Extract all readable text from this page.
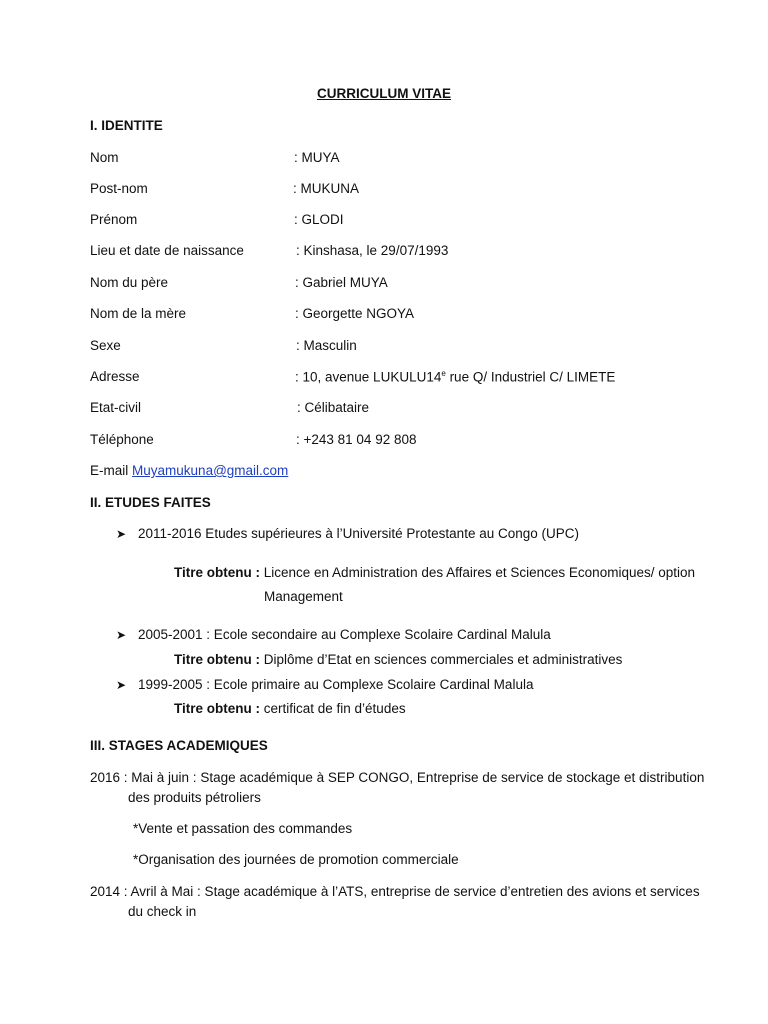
CURRICULUM VITAE
I. IDENTITE
Nom	: MUYA
Post-nom	: MUKUNA
Prénom	: GLODI
Lieu et date de naissance	: Kinshasa, le 29/07/1993
Nom du père	: Gabriel MUYA
Nom de la mère	: Georgette NGOYA
Sexe	: Masculin
Adresse	: 10, avenue LUKULU14e rue Q/ Industriel C/ LIMETE
Etat-civil	: Célibataire
Téléphone	: +243 81 04 92 808
E-mail Muyamukuna@gmail.com
II. ETUDES FAITES
➤ 2011-2016 Etudes supérieures à l’Université Protestante au Congo (UPC)
Titre obtenu : Licence en Administration des Affaires et Sciences Economiques/ option
Management
➤ 2005-2001 : Ecole secondaire au Complexe Scolaire Cardinal Malula
Titre obtenu : Diplôme d’Etat en sciences commerciales et administratives
➤ 1999-2005 : Ecole primaire au Complexe Scolaire Cardinal Malula
Titre obtenu : certificat de fin d’études
III. STAGES ACADEMIQUES
2016 : Mai à juin : Stage académique à SEP CONGO, Entreprise de service de stockage et distribution
des produits pétroliers
*Vente et passation des commandes
*Organisation des journées de promotion commerciale
2014 : Avril à Mai : Stage académique à l’ATS, entreprise de service d’entretien des avions et services
du check in
